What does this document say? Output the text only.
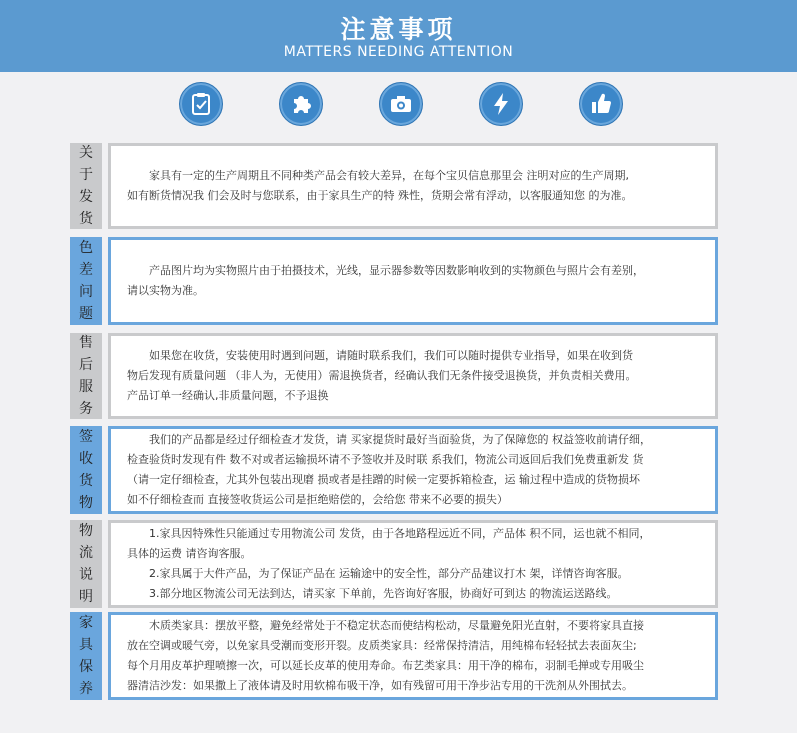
注意事项
MATTERS NEEDING ATTENTION
关
于
发
货
家具有一定的生产周期且不同种类产品会有较大差异，在每个宝贝信息那里会 注明对应的生产周期,
如有断货情况我 们会及时与您联系，由于家具生产的特 殊性，货期会常有浮动，以客服通知您 的为准。
色
差
问
题
产品图片均为实物照片由于拍摄技术，光线，显示器参数等因数影响收到的实物颜色与照片会有差别，
请以实物为准。
售
后
服
务
如果您在收货，安装使用时遇到问题，请随时联系我们，我们可以随时提供专业指导，如果在收到货
物后发现有质量问题 （非人为，无使用）需退换货者，经确认我们无条件接受退换货，并负责相关费用。
产品订单一经确认,非质量问题，不予退换
签
收
货
物
我们的产品都是经过仔细检查才发货，请 买家提货时最好当面验货，为了保障您的 权益签收前请仔细，
检查验货时发现有件 数不对或者运输损坏请不予签收并及时联 系我们，物流公司返回后我们免费重新发 货
（请一定仔细检查，尤其外包装出现磨 损或者是挂蹭的时候一定要拆箱检查，运 输过程中造成的货物损坏
如不仔细检查而 直接签收货运公司是拒绝赔偿的，会给您 带来不必要的损失）
物
流
说
明
1.家具因特殊性只能通过专用物流公司 发货，由于各地路程远近不同，产品体 积不同，运也就不相同，
具体的运费 请咨询客服。
2.家具属于大件产品，为了保证产品在 运输途中的安全性，部分产品建议打木 架，详情咨询客服。
3.部分地区物流公司无法到达，请买家 下单前，先咨询好客服，协商好可到达 的物流运送路线。
家
具
保
养
木质类家具：摆放平整，避免经常处于不稳定状态而使结构松动，尽量避免阳光直射，不要将家具直接
放在空调或暖气旁，以免家具受潮而变形开裂。皮质类家具：经常保持清洁，用纯棉布轻轻拭去表面灰尘;
每个月用皮革护理喷擦一次，可以延长皮革的使用寿命。布艺类家具：用干净的棉布，羽制毛掸或专用吸尘
器清洁沙发：如果撒上了液体请及时用软棉布吸干净，如有残留可用干净步沾专用的干洗剂从外围拭去。
